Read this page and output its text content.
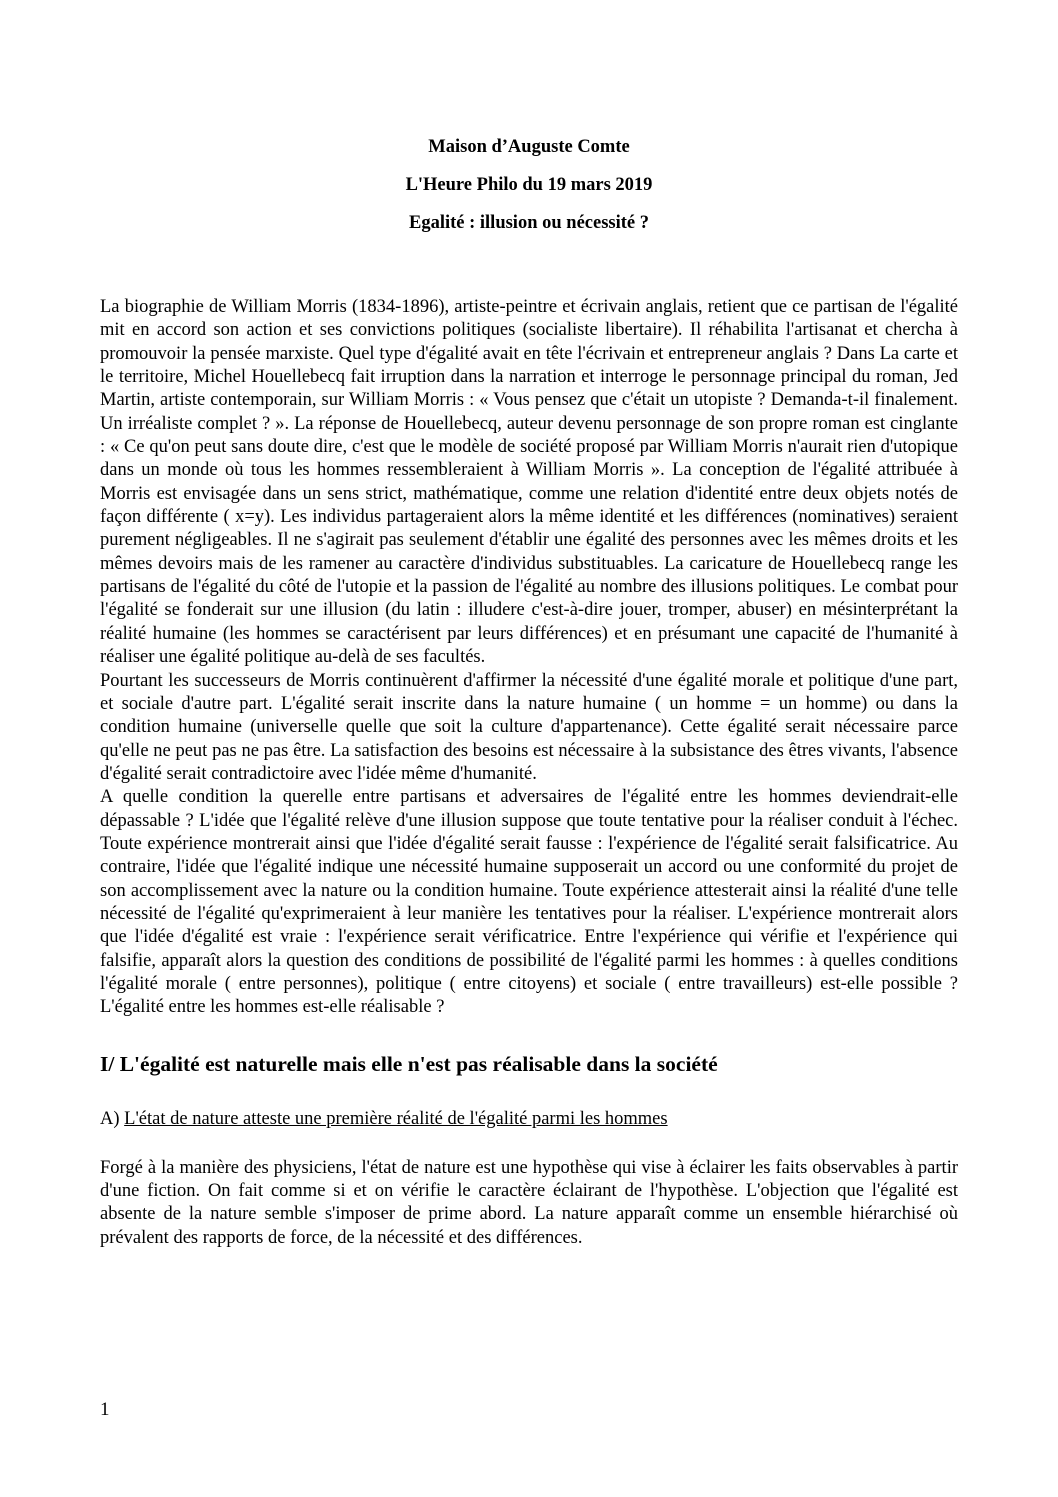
Maison d’Auguste Comte
L'Heure Philo du 19 mars 2019
Egalité : illusion ou nécessité ?

La biographie de William Morris (1834-1896), artiste-peintre et écrivain anglais, retient que ce partisan de l'égalité mit en accord son action et ses convictions politiques (socialiste libertaire). Il réhabilita l'artisanat et chercha à promouvoir la pensée marxiste. Quel type d'égalité avait en tête l'écrivain et entrepreneur anglais ? Dans La carte et le territoire, Michel Houellebecq fait irruption dans la narration et interroge le personnage principal du roman, Jed Martin, artiste contemporain, sur William Morris : « Vous pensez que c'était un utopiste ? Demanda-t-il finalement. Un irréaliste complet ? ». La réponse de Houellebecq, auteur devenu personnage de son propre roman est cinglante : « Ce qu'on peut sans doute dire, c'est que le modèle de société proposé par William Morris n'aurait rien d'utopique dans un monde où tous les hommes ressembleraient à William Morris ». La conception de l'égalité attribuée à Morris est envisagée dans un sens strict, mathématique, comme une relation d'identité entre deux objets notés de façon différente ( x=y). Les individus partageraient alors la même identité et les différences (nominatives) seraient purement négligeables. Il ne s'agirait pas seulement d'établir une égalité des personnes avec les mêmes droits et les mêmes devoirs mais de les ramener au caractère d'individus substituables. La caricature de Houellebecq range les partisans de l'égalité du côté de l'utopie et la passion de l'égalité au nombre des illusions politiques. Le combat pour l'égalité se fonderait sur une illusion (du latin : illudere c'est-à-dire jouer, tromper, abuser) en mésinterprétant la réalité humaine (les hommes se caractérisent par leurs différences) et en présumant une capacité de l'humanité à réaliser une égalité politique au-delà de ses facultés.

Pourtant les successeurs de Morris continuèrent d'affirmer la nécessité d'une égalité morale et politique d'une part, et sociale d'autre part. L'égalité serait inscrite dans la nature humaine ( un homme = un homme) ou dans la condition humaine (universelle quelle que soit la culture d'appartenance). Cette égalité serait nécessaire parce qu'elle ne peut pas ne pas être. La satisfaction des besoins est nécessaire à la subsistance des êtres vivants, l'absence d'égalité serait contradictoire avec l'idée même d'humanité.

A quelle condition la querelle entre partisans et adversaires de l'égalité entre les hommes deviendrait-elle dépassable ? L'idée que l'égalité relève d'une illusion suppose que toute tentative pour la réaliser conduit à l'échec. Toute expérience montrerait ainsi que l'idée d'égalité serait fausse : l'expérience de l'égalité serait falsificatrice. Au contraire, l'idée que l'égalité indique une nécessité humaine supposerait un accord ou une conformité du projet de son accomplissement avec la nature ou la condition humaine. Toute expérience attesterait ainsi la réalité d'une telle nécessité de l'égalité qu'exprimeraient à leur manière les tentatives pour la réaliser. L'expérience montrerait alors que l'idée d'égalité est vraie : l'expérience serait vérificatrice. Entre l'expérience qui vérifie et l'expérience qui falsifie, apparaît alors la question des conditions de possibilité de l'égalité parmi les hommes : à quelles conditions l'égalité morale ( entre personnes), politique ( entre citoyens) et sociale ( entre travailleurs) est-elle possible ? L'égalité entre les hommes est-elle réalisable ?

I/ L'égalité est naturelle mais elle n'est pas réalisable dans la société
A) L'état de nature atteste une première réalité de l'égalité parmi les hommes

Forgé à la manière des physiciens, l'état de nature est une hypothèse qui vise à éclairer les faits observables à partir d'une fiction. On fait comme si et on vérifie le caractère éclairant de l'hypothèse. L'objection que l'égalité est absente de la nature semble s'imposer de prime abord. La nature apparaît comme un ensemble hiérarchisé où prévalent des rapports de force, de la nécessité et des différences.

1
